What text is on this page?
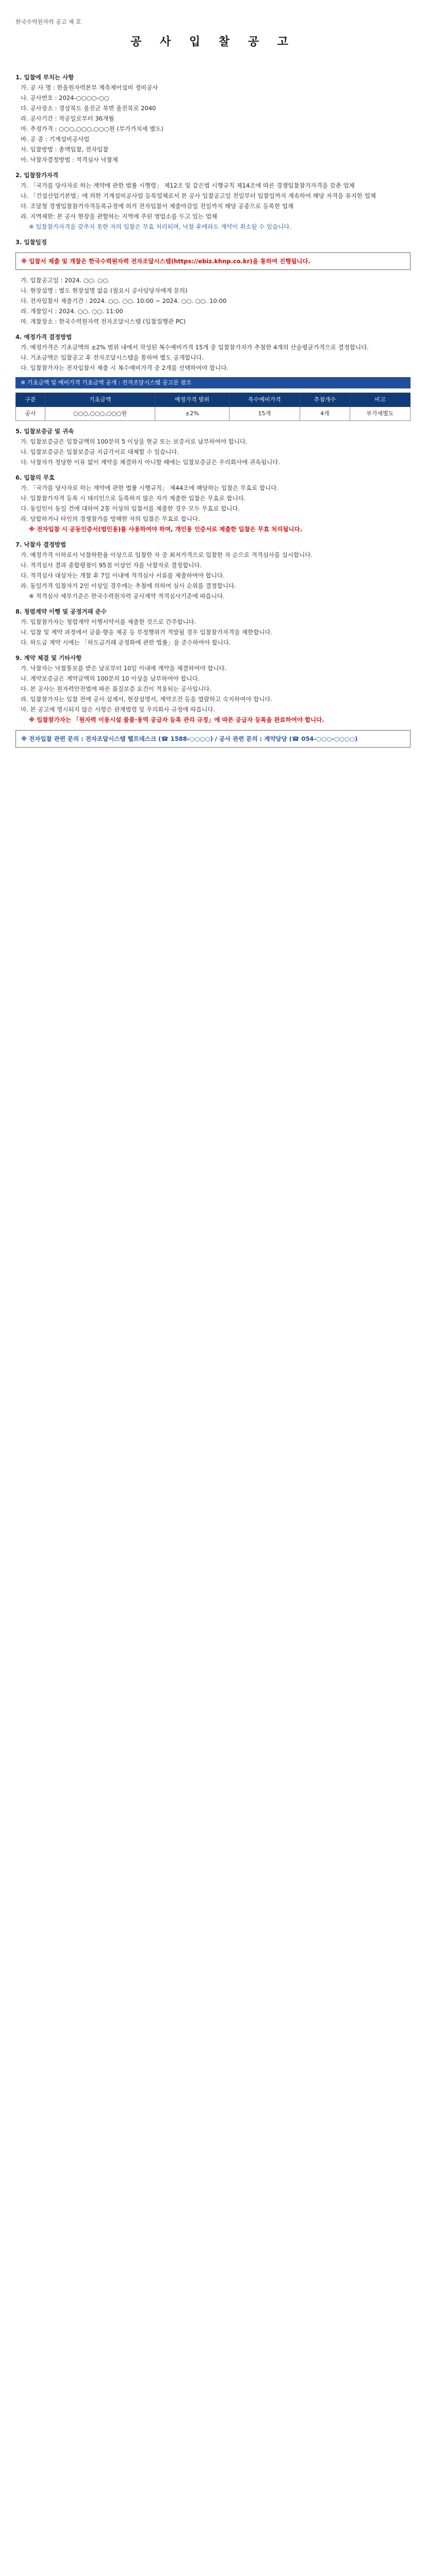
한국수력원자력 공고 제 호
공 사 입 찰 공 고

1. 입찰에 부치는 사항

가. 공 사 명 : 한울원자력본부 계측제어설비 정비공사

나. 공사번호 : 2024-○○○○-○○

다. 공사장소 : 경상북도 울진군 북면 울진북로 2040

라. 공사기간 : 착공일로부터 36개월

마. 추정가격 : ○○○,○○○,○○○원 (부가가치세 별도)

바. 공 종 : 기계설비공사업

사. 입찰방법 : 총액입찰, 전자입찰

아. 낙찰자결정방법 : 적격심사 낙찰제

2. 입찰참가자격

가. 「국가를 당사자로 하는 계약에 관한 법률 시행령」 제12조 및 같은법 시행규칙 제14조에 따른 경쟁입찰참가자격을 갖춘 업체

나. 「건설산업기본법」에 의한 기계설비공사업 등록업체로서 본 공사 입찰공고일 전일부터 입찰일까지 계속하여 해당 자격을 유지한 업체

다. 조달청 경쟁입찰참가자격등록규정에 의거 전자입찰서 제출마감일 전일까지 해당 공종으로 등록한 업체

라. 지역제한: 본 공사 현장을 관할하는 지역에 주된 영업소를 두고 있는 업체

※ 입찰참가자격을 갖추지 못한 자의 입찰은 무효 처리되며, 낙찰 후에라도 계약이 취소될 수 있습니다.

3. 입찰일정

※ 입찰서 제출 및 개찰은 한국수력원자력 전자조달시스템(https://ebiz.khnp.co.kr)을 통하여 진행됩니다.

가. 입찰공고일 : 2024. ○○. ○○.

나. 현장설명 : 별도 현장설명 없음 (필요시 공사담당자에게 문의)

다. 전자입찰서 제출기간 : 2024. ○○. ○○. 10:00 ~ 2024. ○○. ○○. 10:00

라. 개찰일시 : 2024. ○○. ○○. 11:00

마. 개찰장소 : 한국수력원자력 전자조달시스템 (입찰집행관 PC)

4. 예정가격 결정방법

가. 예정가격은 기초금액의 ±2% 범위 내에서 작성된 복수예비가격 15개 중 입찰참가자가 추첨한 4개의 산술평균가격으로 결정합니다.

나. 기초금액은 입찰공고 후 전자조달시스템을 통하여 별도 공개합니다.

다. 입찰참가자는 전자입찰서 제출 시 복수예비가격 중 2개를 선택하여야 합니다.

※ 기초금액 및 예비가격 기초금액 공개 : 전자조달시스템 공고문 참조
구분	기초금액	예정가격 범위	복수예비가격	추첨개수	비고
공사	○○○,○○○,○○○원	±2%	15개	4개	부가세별도

5. 입찰보증금 및 귀속

가. 입찰보증금은 입찰금액의 100분의 5 이상을 현금 또는 보증서로 납부하여야 합니다.

나. 입찰보증금은 입찰보증금 지급각서로 대체할 수 있습니다.

다. 낙찰자가 정당한 이유 없이 계약을 체결하지 아니할 때에는 입찰보증금은 우리회사에 귀속됩니다.

6. 입찰의 무효

가. 「국가를 당사자로 하는 계약에 관한 법률 시행규칙」 제44조에 해당하는 입찰은 무효로 합니다.

나. 입찰참가자격 등록 시 대리인으로 등록하지 않은 자가 제출한 입찰은 무효로 합니다.

다. 동일인이 동일 건에 대하여 2통 이상의 입찰서를 제출한 경우 모두 무효로 합니다.

라. 담합하거나 타인의 경쟁참가를 방해한 자의 입찰은 무효로 합니다.

※ 전자입찰 시 공동인증서(법인용)를 사용하여야 하며, 개인용 인증서로 제출한 입찰은 무효 처리됩니다.

7. 낙찰자 결정방법

가. 예정가격 이하로서 낙찰하한율 이상으로 입찰한 자 중 최저가격으로 입찰한 자 순으로 적격심사를 실시합니다.

나. 적격심사 결과 종합평점이 95점 이상인 자를 낙찰자로 결정합니다.

다. 적격심사 대상자는 개찰 후 7일 이내에 적격심사 서류를 제출하여야 합니다.

라. 동일가격 입찰자가 2인 이상일 경우에는 추첨에 의하여 심사 순위를 결정합니다.

※ 적격심사 세부기준은 한국수력원자력 공사계약 적격심사기준에 따릅니다.

8. 청렴계약 이행 및 공정거래 준수

가. 입찰참가자는 청렴계약 이행서약서를 제출한 것으로 간주합니다.

나. 입찰 및 계약 과정에서 금품·향응 제공 등 부정행위가 적발될 경우 입찰참가자격을 제한합니다.

다. 하도급 계약 시에는 「하도급거래 공정화에 관한 법률」을 준수하여야 합니다.

9. 계약 체결 및 기타사항

가. 낙찰자는 낙찰통보를 받은 날로부터 10일 이내에 계약을 체결하여야 합니다.

나. 계약보증금은 계약금액의 100분의 10 이상을 납부하여야 합니다.

다. 본 공사는 원자력안전법에 따른 품질보증 요건이 적용되는 공사입니다.

라. 입찰참가자는 입찰 전에 공사 설계서, 현장설명서, 계약조건 등을 열람하고 숙지하여야 합니다.

마. 본 공고에 명시되지 않은 사항은 관계법령 및 우리회사 규정에 따릅니다.

※ 입찰참가자는 「원자력 이용시설 물품·용역 공급자 등록 관리 규정」에 따른 공급자 등록을 완료하여야 합니다.

※ 전자입찰 관련 문의 : 전자조달시스템 헬프데스크 (☎ 1588-○○○○) / 공사 관련 문의 : 계약담당 (☎ 054-○○○-○○○○)
